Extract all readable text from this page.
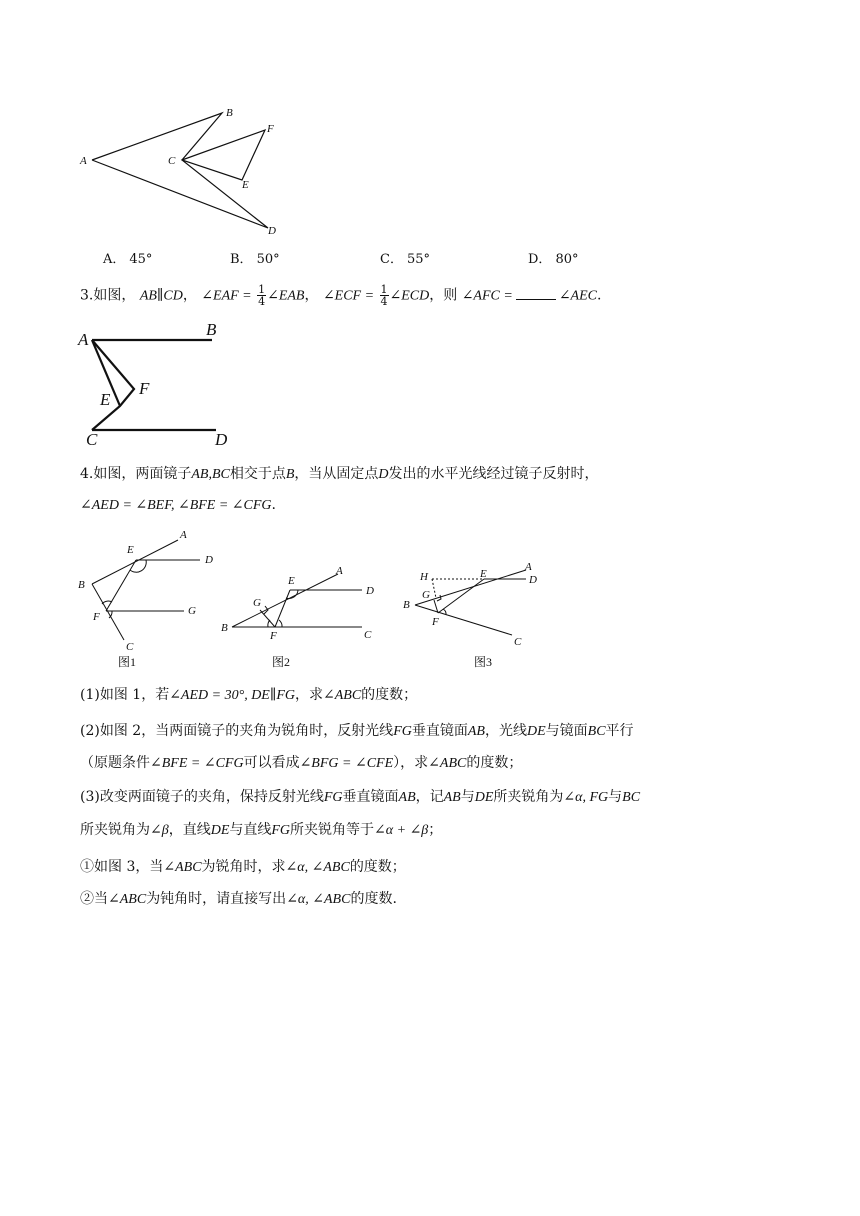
A
B
C
D
E
F
A
B
C	D
E
F
A
B
C
D
E
F	G
图1
A
B
C
D
E
F
G
图2
A
B
C
D
E
F
G
H
图3
A． 45°	B． 50°	C． 55°	D． 80°
3.如图， AB∥CD， ∠EAF = $\frac{1}{4}$ ∠EAB， ∠ECF = $\frac{1}{4}$ ∠ECD，则 ∠AFC =	∠AEC.
4.如图，两面镜子AB,BC相交于点B，当从固定点D发出的水平光线经过镜子反射时，
∠AED = ∠BEF, ∠BFE = ∠CFG.
(1)如图 1，若∠AED = 30°, DE∥FG，求∠ABC的度数；
(2)如图 2，当两面镜子的夹角为锐角时，反射光线FG垂直镜面AB，光线DE与镜面BC平行
（原题条件∠BFE = ∠CFG可以看成∠BFG = ∠CFE），求∠ABC的度数；
(3)改变两面镜子的夹角，保持反射光线FG垂直镜面AB，记AB与DE所夹锐角为∠α, FG与BC
所夹锐角为∠β，直线DE与直线FG所夹锐角等于∠α + ∠β；
①如图 3，当∠ABC为锐角时，求∠α, ∠ABC的度数；
②当∠ABC为钝角时，请直接写出∠α, ∠ABC的度数.
